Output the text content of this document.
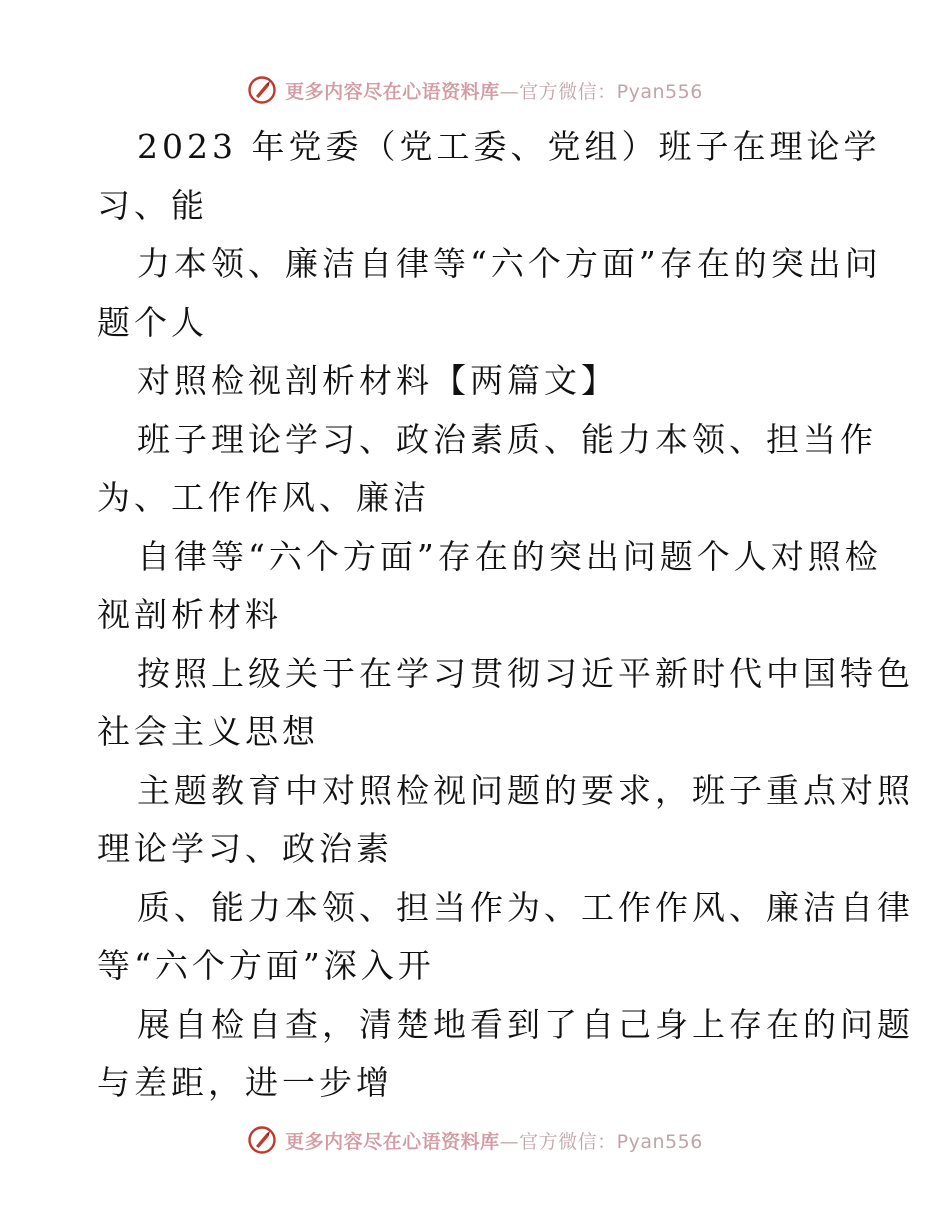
更多内容尽在心语资料库—官方微信：Pyan556
2023 年党委（党工委、党组）班子在理论学
习、能
力本领、廉洁自律等“六个方面”存在的突出问
题个人
对照检视剖析材料【两篇文】
班子理论学习、政治素质、能力本领、担当作
为、工作作风、廉洁
自律等“六个方面”存在的突出问题个人对照检
视剖析材料
按照上级关于在学习贯彻习近平新时代中国特色
社会主义思想
主题教育中对照检视问题的要求，班子重点对照
理论学习、政治素
质、能力本领、担当作为、工作作风、廉洁自律
等“六个方面”深入开
展自检自查，清楚地看到了自己身上存在的问题
与差距，进一步增
更多内容尽在心语资料库—官方微信：Pyan556
